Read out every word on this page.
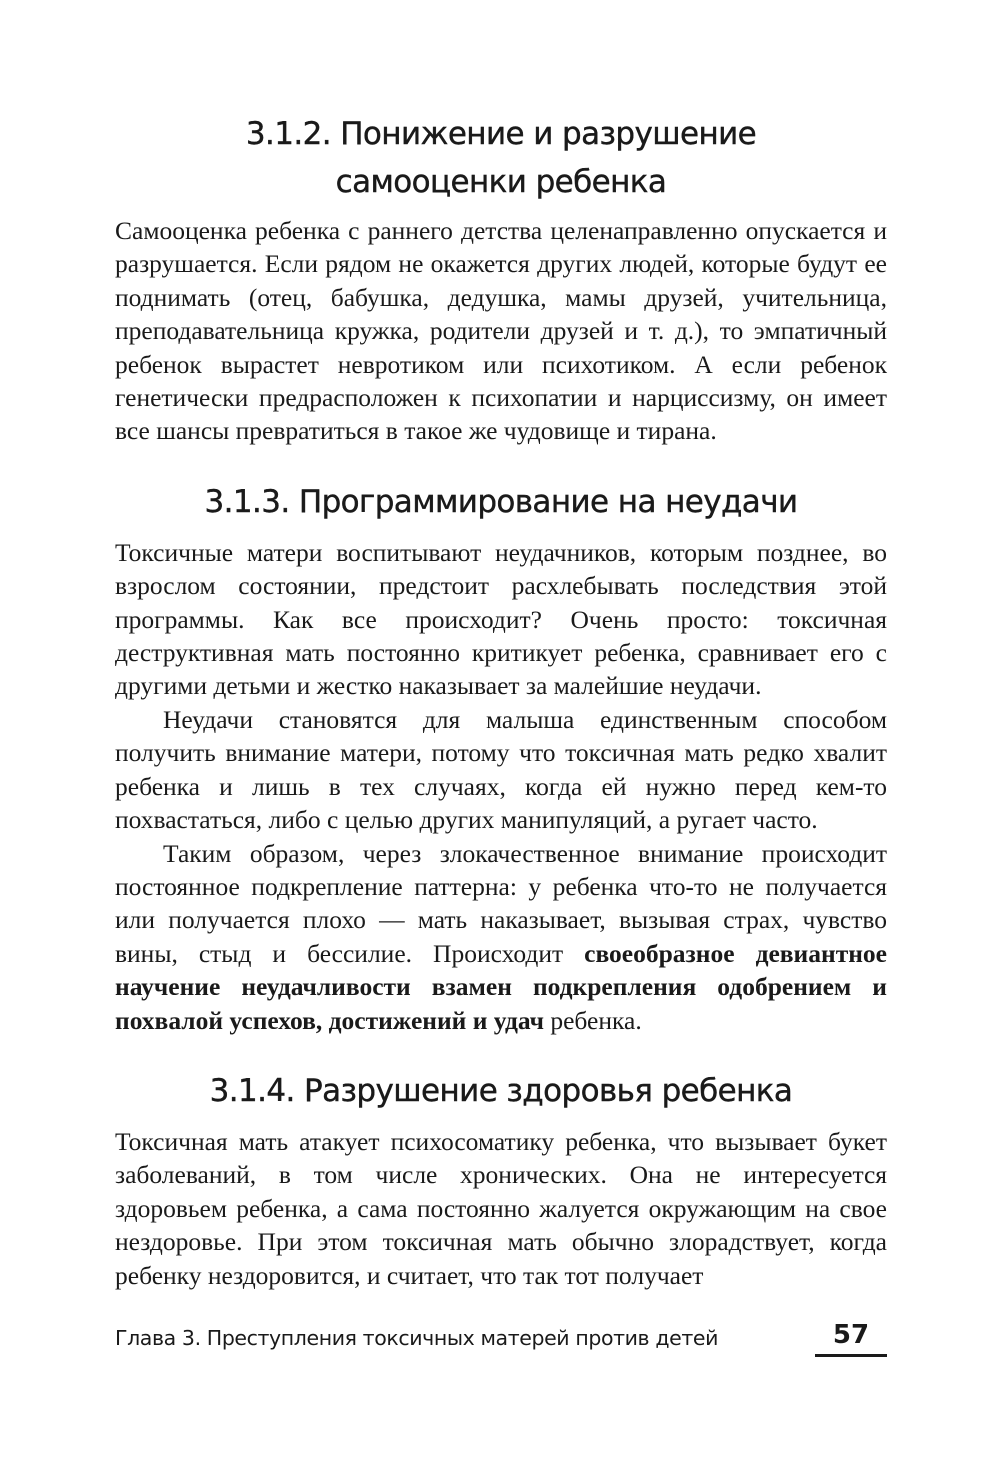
3.1.2. Понижение и разрушение
самооценки ребенка

Самооценка ребенка с раннего детства целенаправленно опускается и разрушается. Если рядом не окажется других людей, которые будут ее поднимать (отец, бабушка, дедушка, мамы друзей, учительница, преподавательница кружка, родители друзей и т. д.), то эмпатичный ребенок вырастет невротиком или психотиком. А если ребенок генетически предрасположен к психопатии и нарциссизму, он имеет все шансы превратиться в такое же чудовище и тирана.

3.1.3. Программирование на неудачи

Токсичные матери воспитывают неудачников, которым позднее, во взрослом состоянии, предстоит расхлебывать последствия этой программы. Как все происходит? Очень просто: токсичная деструктивная мать постоянно критикует ребенка, сравнивает его с другими детьми и жестко наказывает за малейшие неудачи.

Неудачи становятся для малыша единственным способом получить внимание матери, потому что токсичная мать редко хвалит ребенка и лишь в тех случаях, когда ей нужно перед кем-то похвастаться, либо с целью других манипуляций, а ругает часто.

Таким образом, через злокачественное внимание происходит постоянное подкрепление паттерна: у ребенка что-то не получается или получается плохо — мать наказывает, вызывая страх, чувство вины, стыд и бессилие. Происходит своеобразное девиантное научение неудачливости взамен подкрепления одобрением и похвалой успехов, достижений и удач ребенка.

3.1.4. Разрушение здоровья ребенка

Токсичная мать атакует психосоматику ребенка, что вызывает букет заболеваний, в том числе хронических. Она не интересуется здоровьем ребенка, а сама постоянно жалуется окружающим на свое нездоровье. При этом токсичная мать обычно злорадствует, когда ребенку нездоровится, и считает, что так тот получает

Глава 3. Преступления токсичных матерей против детей	57
